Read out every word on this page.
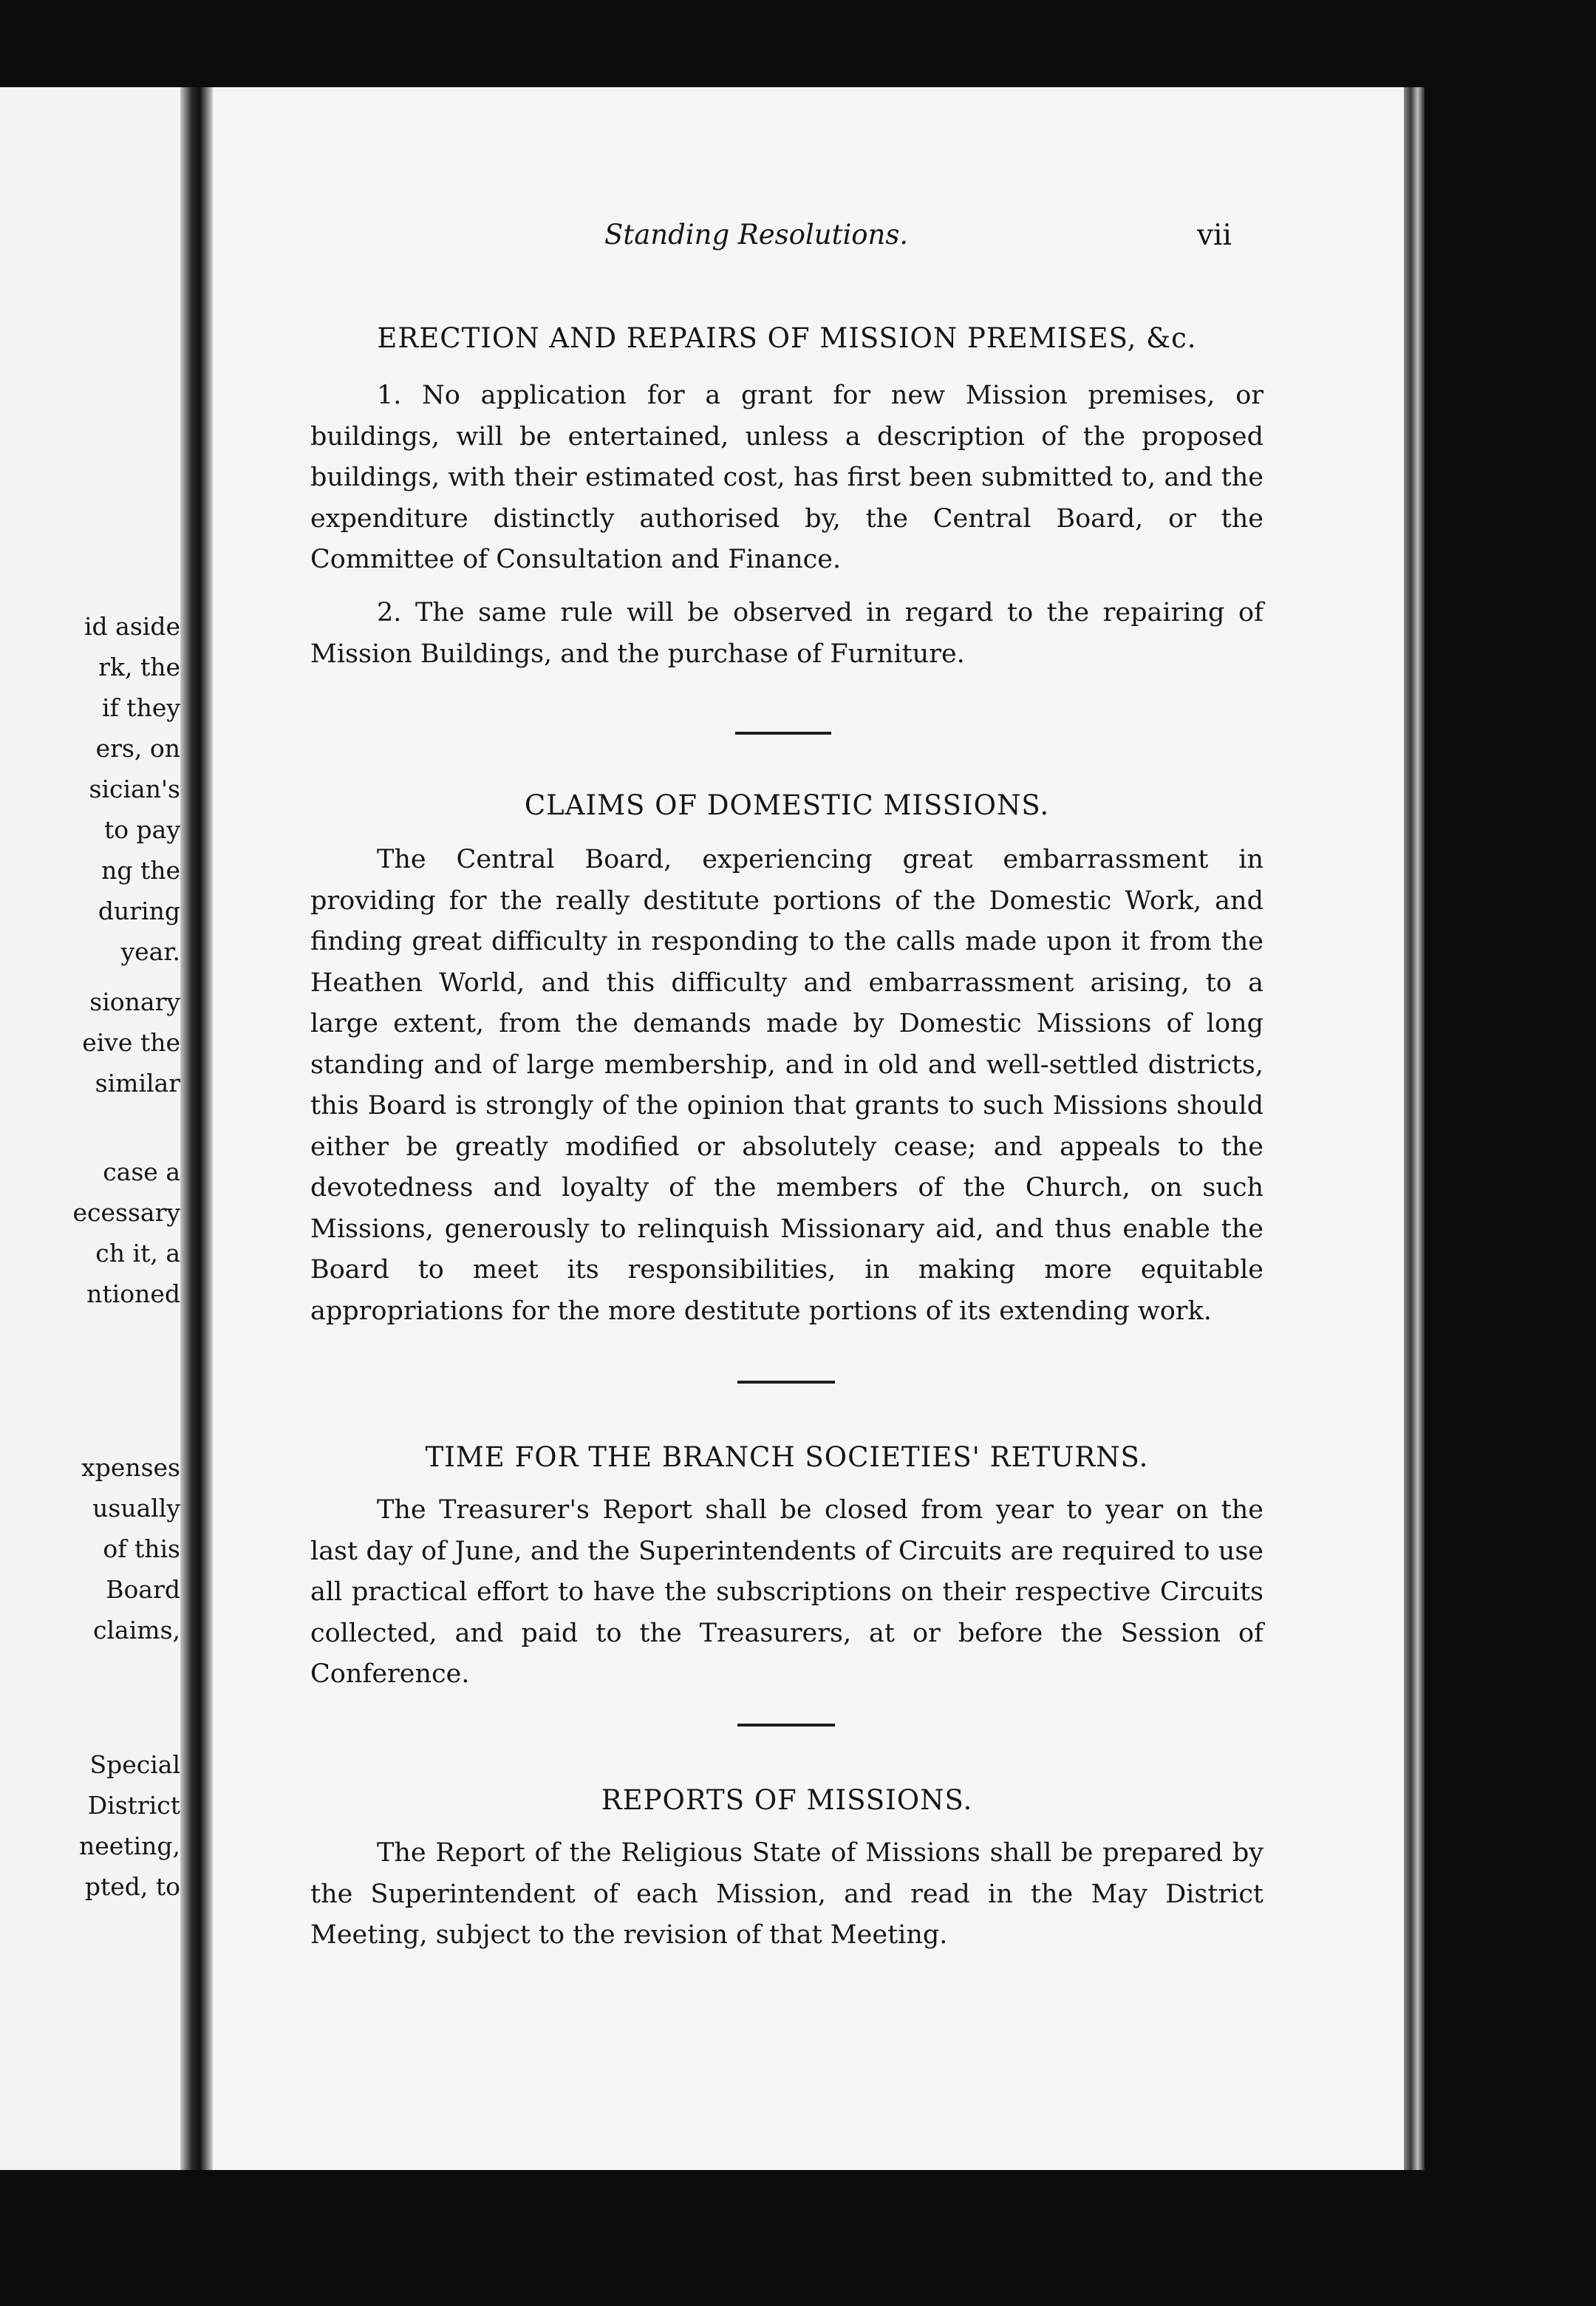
id aside
rk, the
if they
ers, on
sician's
to pay
ng the
during
year.
sionary
eive the
similar
case a
ecessary
ch it, a
ntioned
xpenses
usually
of this
Board
claims,
Special
District
neeting,
pted, to
Standing Resolutions.	vii
ERECTION AND REPAIRS OF MISSION PREMISES, &c.

1. No application for a grant for new Mission premises, or buildings, will be entertained, unless a description of the proposed buildings, with their estimated cost, has first been submitted to, and the expenditure distinctly authorised by, the Central Board, or the Committee of Consultation and Finance.

2. The same rule will be observed in regard to the repairing of Mission Buildings, and the purchase of Furniture.

CLAIMS OF DOMESTIC MISSIONS.

The Central Board, experiencing great embarrassment in providing for the really destitute portions of the Domestic Work, and finding great difficulty in responding to the calls made upon it from the Heathen World, and this difficulty and embarrassment arising, to a large extent, from the demands made by Domestic Missions of long standing and of large membership, and in old and well-settled districts, this Board is strongly of the opinion that grants to such Missions should either be greatly modified or absolutely cease; and appeals to the devotedness and loyalty of the members of the Church, on such Missions, generously to relinquish Missionary aid, and thus enable the Board to meet its responsibilities, in making more equitable appropriations for the more destitute portions of its extending work.

TIME FOR THE BRANCH SOCIETIES' RETURNS.

The Treasurer's Report shall be closed from year to year on the last day of June, and the Superintendents of Circuits are required to use all practical effort to have the subscriptions on their respective Circuits collected, and paid to the Treasurers, at or before the Session of Conference.

REPORTS OF MISSIONS.

The Report of the Religious State of Missions shall be prepared by the Superintendent of each Mission, and read in the May District Meeting, subject to the revision of that Meeting.
